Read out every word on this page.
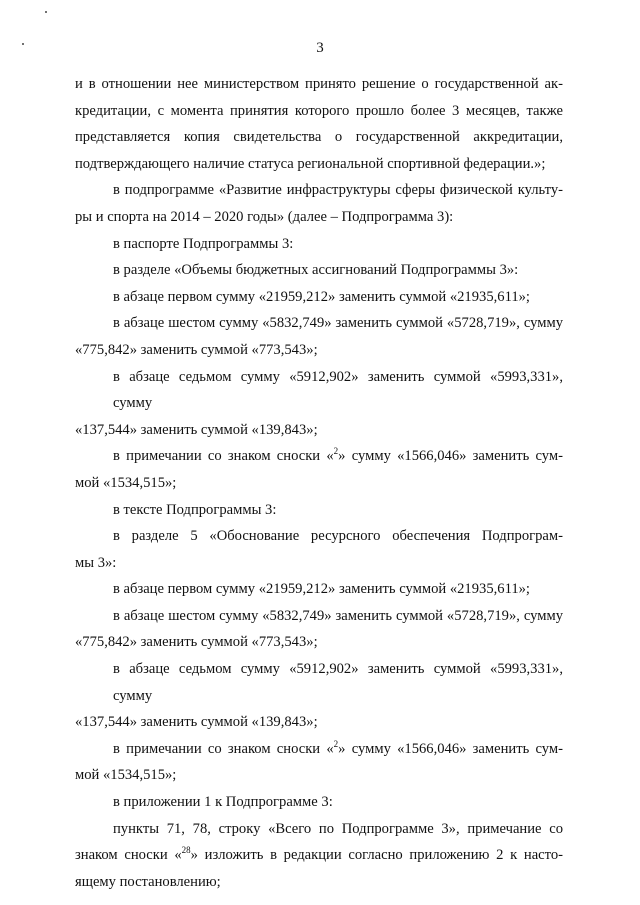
3
и в отношении нее министерством принято решение о государственной ак-
кредитации, с момента принятия которого прошло более 3 месяцев, также
представляется копия свидетельства о государственной аккредитации,
подтверждающего наличие статуса региональной спортивной федерации.»;
в подпрограмме «Развитие инфраструктуры сферы физической культу-
ры и спорта на 2014 – 2020 годы» (далее – Подпрограмма 3):
в паспорте Подпрограммы 3:
в разделе «Объемы бюджетных ассигнований Подпрограммы 3»:
в абзаце первом сумму «21959,212» заменить суммой «21935,611»;
в абзаце шестом сумму «5832,749» заменить суммой «5728,719», сумму
«775,842» заменить суммой «773,543»;
в абзаце седьмом сумму «5912,902» заменить суммой «5993,331», сумму
«137,544» заменить суммой «139,843»;
в примечании со знаком сноски «$^2$» сумму «1566,046» заменить сум-
мой «1534,515»;
в тексте Подпрограммы 3:
в разделе 5 «Обоснование ресурсного обеспечения Подпрограм-
мы 3»:
в абзаце первом сумму «21959,212» заменить суммой «21935,611»;
в абзаце шестом сумму «5832,749» заменить суммой «5728,719», сумму
«775,842» заменить суммой «773,543»;
в абзаце седьмом сумму «5912,902» заменить суммой «5993,331», сумму
«137,544» заменить суммой «139,843»;
в примечании со знаком сноски «$^2$» сумму «1566,046» заменить сум-
мой «1534,515»;
в приложении 1 к Подпрограмме 3:
пункты 71, 78, строку «Всего по Подпрограмме 3», примечание со
знаком сноски «$^{28}$» изложить в редакции согласно приложению 2 к насто-
ящему постановлению;
